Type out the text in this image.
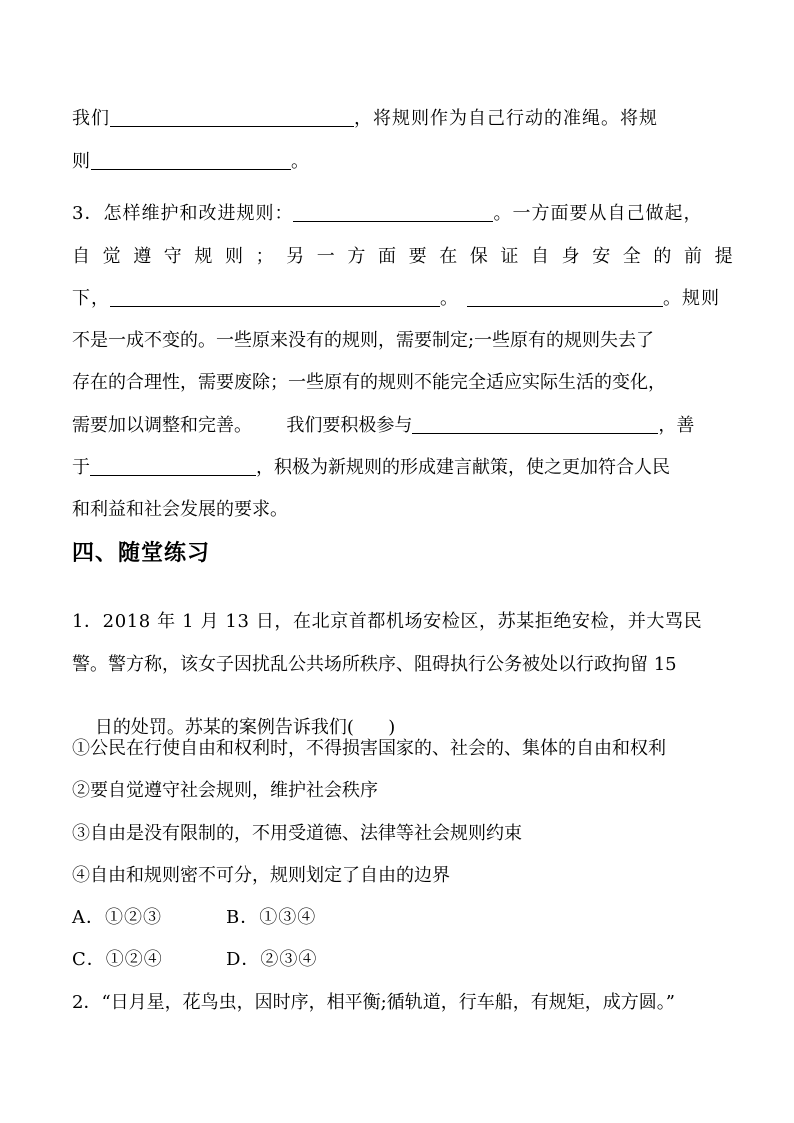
我们	，将规则作为自己行动的准绳。将规
则	。
3．怎样维护和改进规则：	。一方面要从自己做起，
自觉遵守规则；另一方面要在保证自身安全的前提
下，	。	。规则
不是一成不变的。一些原来没有的规则，需要制定;一些原有的规则失去了
存在的合理性，需要废除；一些原有的规则不能完全适应实际生活的变化，
需要加以调整和完善。      我们要积极参与	，善
于	，积极为新规则的形成建言献策，使之更加符合人民
和利益和社会发展的要求。
四、随堂练习
1．2018 年 1 月 13 日，在北京首都机场安检区，苏某拒绝安检，并大骂民
警。警方称，该女子因扰乱公共场所秩序、阻碍执行公务被处以行政拘留 15

日的处罚。苏某的案例告诉我们(      )

①公民在行使自由和权利时，不得损害国家的、社会的、集体的自由和权利
②要自觉遵守社会规则，维护社会秩序
③自由是没有限制的，不用受道德、法律等社会规则约束
④自由和规则密不可分，规则划定了自由的边界
A．①②③	B．①③④
C．①②④	D．②③④
2．“日月星，花鸟虫，因时序，相平衡;循轨道，行车船，有规矩，成方圆。”
